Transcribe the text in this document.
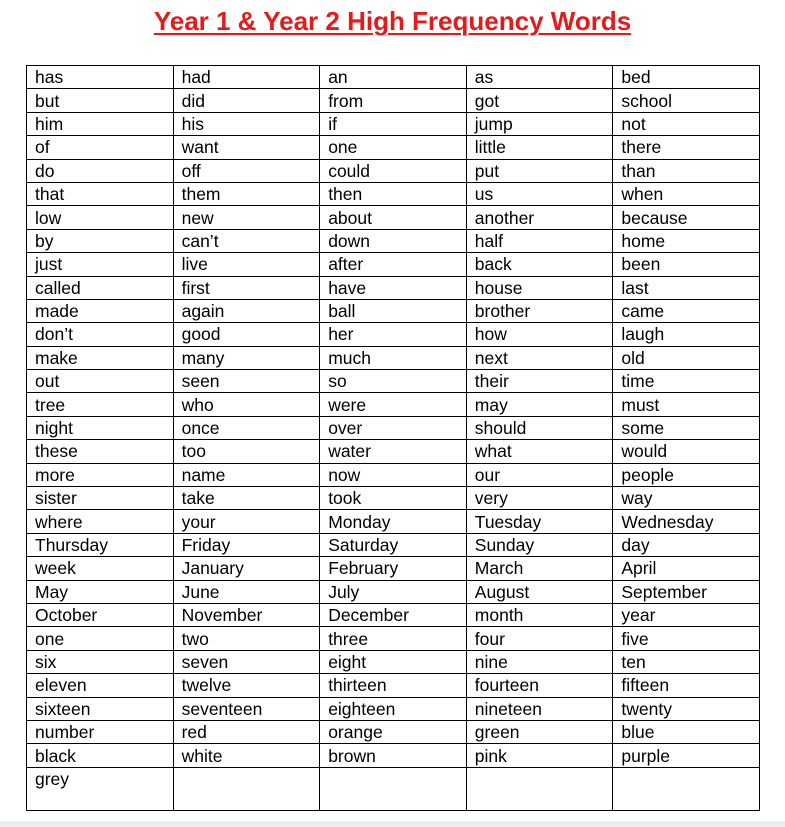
Year 1 & Year 2 High Frequency Words
has	had	an	as	bed
but	did	from	got	school
him	his	if	jump	not
of	want	one	little	there
do	off	could	put	than
that	them	then	us	when
low	new	about	another	because
by	can’t	down	half	home
just	live	after	back	been
called	first	have	house	last
made	again	ball	brother	came
don’t	good	her	how	laugh
make	many	much	next	old
out	seen	so	their	time
tree	who	were	may	must
night	once	over	should	some
these	too	water	what	would
more	name	now	our	people
sister	take	took	very	way
where	your	Monday	Tuesday	Wednesday
Thursday	Friday	Saturday	Sunday	day
week	January	February	March	April
May	June	July	August	September
October	November	December	month	year
one	two	three	four	five
six	seven	eight	nine	ten
eleven	twelve	thirteen	fourteen	fifteen
sixteen	seventeen	eighteen	nineteen	twenty
number	red	orange	green	blue
black	white	brown	pink	purple
grey				
